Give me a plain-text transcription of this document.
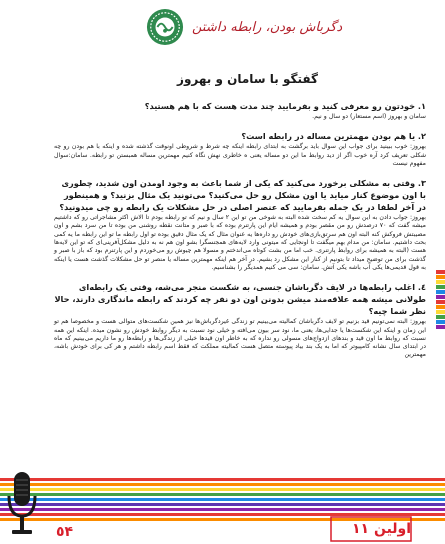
دگرباش بودن، رابطه داشتن
گفتگو با سامان و بهروز

١. خودتون رو معرفی کنید و بفرمایید چند مدت هست که با هم هستید؟

سامان و بهروز (اسم مستعار) دو سال و نیم.

٢. یا هم بودن مهمترین مساله در رابطه است؟

بهروز: خوب ببینید برای جواب این سوال باید برگشت به ابتدای رابطه اینکه چه شرط و شروطی اونوقت گذشته شده و اینکه با هم بودن رو چه شکلی تعریف کرد آره خوب اگر از دید روابط ما این دو مساله یعنی ه خاطری نهش نگاه کنیم مهمترین مساله همبستن تو رابطه. سامان:سوال مفهوم نیست

٣. وقتی به مشکلی برخورد می‌کنید که یکی از شما باعث به وجود اومدن اون شدید، چطوری با اون موضوع کنار میاید یا اون مشکل رو حل می‌کنید؟ می‌تونید یک مثال بزنید؟ و همینطور در آخر لطفا در یک جمله بفرمایید که عنصر اصلی در حل مشکلات یک رابطه رو چی میدونید؟

بهروز: جواب دادن به این سوال یه کم سخت شده البته به شوخی من تو این ٢ سال و نیم که تو رابطه بودم تا الاش اکثر مشاجراتی رو که داشتیم میشه گفت که ٧٠ درصدش رو من مقصر بودم و همیشه ایام این پارتنرم بوده که با صبر و متانت نقطه روشنی من بوده تا من سرد بشم و اون مصیبتش فروکش کنه البته اون هم سرتق‌بازی‌های خودش رو داره‌ها یه عنوان مثال که یک مثال دقیق بوده تو اول رابطه ما تو این رابطه ما یه کمی بحث داشتیم. سامان: من مدام بهم میگفت تا اونجایی که میتونی وارد لایه‌های همجنسگرا بشو اون هم نه به دلیل مشکل‌آفرینی‌ای که تو این لایه‌ها هست (البته به همیشه برای روابط پارتنری. خب اما من بشت کوتاه می‌اندختم و مسولا هم چیوش رو می‌خوردم و این پارتنرم بود که باز با صبر و گذشت برای من توضیح میداد تا بتونیم از کنار این مشکل رد بشیم. در آخر هم اینکه مهمترین مساله یا منصر تو حل مشکلات گذشت هست یا اینکه به قول قدیمی‌ها یکی آب باشه یکی آتش. سامان: سی می کنیم همدیگر را بشناسیم.

٤. اغلب رابطه‌ها در لایف دگرباشان جنسی، به شکست منجر می‌شه، وقتی یک رابطه‌ای طولانی میشه همه علاقه‌مند میشن بدونن اون دو نفر چه کردند که رابطه ماندگاری دارند، حالا نظر شما چیه؟

بهروز: البته نمی‌تونیم قید بزنیم تو لایف دگرباشان کمالیته می‌بینیم تو زندگی غیردگرباش‌ها نیز همین شکست‌های متوالی هست و مخصوصا هم تو این زمان و اینکه این شکست‌ها یا جدایی‌ها، یعنی ما، نود سر بیون می‌افته و خیلی نود نسبت به دیگر روابط خودش رو نشون میده. اینکه این همه نسبت که روابط ما اون قید و بندهای ازدواج‌های مسولی رو نداره که به خاطر اون قیدها خیلی از زندگی‌ها و رابطه‌ها رو ما داریم می‌بینیم که ماه در ابتدای سال نشانه کامپیوتر که اما به یک بند بیاد پیوسته متصل هست کمالیته مملکت که فقط اسم رابطه داشتم و هر کی برای خودش باشه، مهمترین

٥۴	اولین ١١
